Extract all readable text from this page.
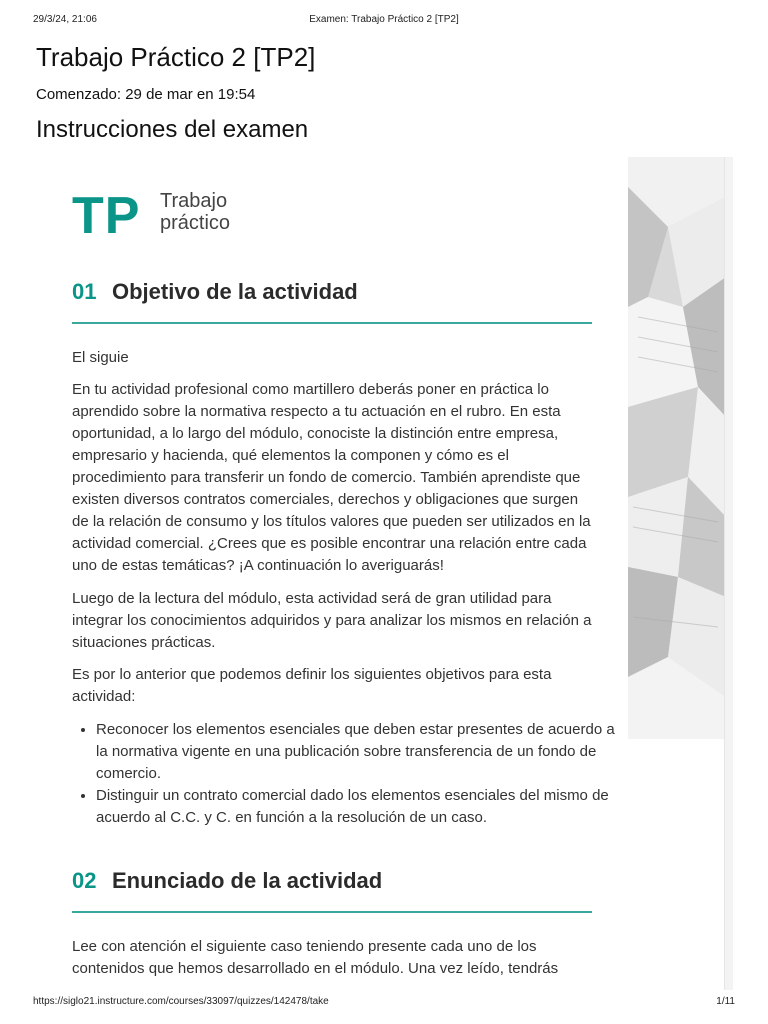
29/3/24, 21:06	Examen: Trabajo Práctico 2 [TP2]
Trabajo Práctico 2 [TP2]
Comenzado: 29 de mar en 19:54
Instrucciones del examen
TP Trabajo
práctico
01 Objetivo de la actividad

El siguie

En tu actividad profesional como martillero deberás poner en práctica lo aprendido sobre la normativa respecto a tu actuación en el rubro. En esta oportunidad, a lo largo del módulo, conociste la distinción entre empresa, empresario y hacienda, qué elementos la componen y cómo es el procedimiento para transferir un fondo de comercio. También aprendiste que existen diversos contratos comerciales, derechos y obligaciones que surgen de la relación de consumo y los títulos valores que pueden ser utilizados en la actividad comercial. ¿Crees que es posible encontrar una relación entre cada uno de estas temáticas? ¡A continuación lo averiguarás!

Luego de la lectura del módulo, esta actividad será de gran utilidad para integrar los conocimientos adquiridos y para analizar los mismos en relación a situaciones prácticas.

Es por lo anterior que podemos definir los siguientes objetivos para esta actividad:

• Reconocer los elementos esenciales que deben estar presentes de acuerdo a la normativa vigente en una publicación sobre transferencia de un fondo de comercio.
• Distinguir un contrato comercial dado los elementos esenciales del mismo de acuerdo al C.C. y C. en función a la resolución de un caso.
02 Enunciado de la actividad

Lee con atención el siguiente caso teniendo presente cada uno de los contenidos que hemos desarrollado en el módulo. Una vez leído, tendrás

https://siglo21.instructure.com/courses/33097/quizzes/142478/take	1/11
